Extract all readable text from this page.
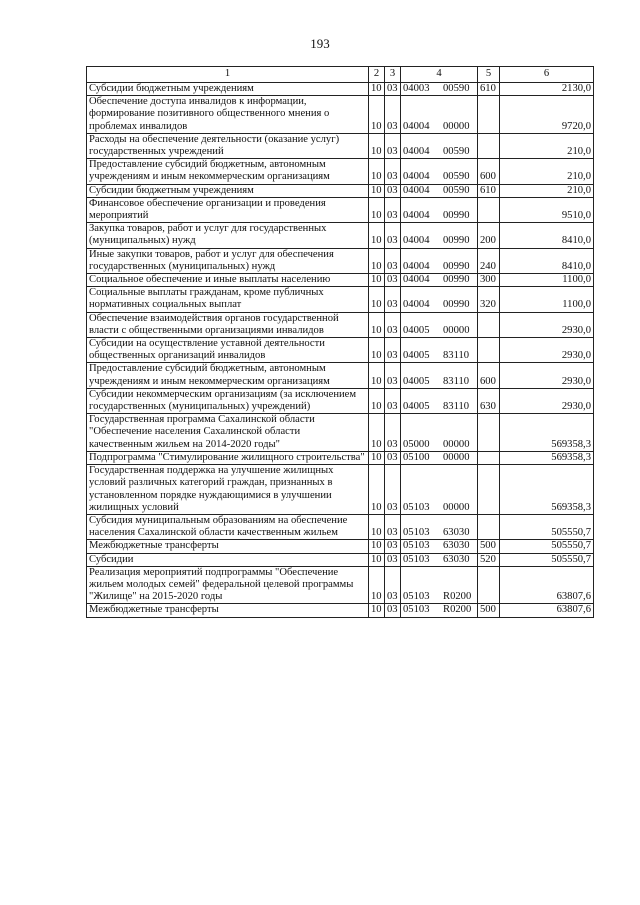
193
1	2	3	4	5	6
Субсидии бюджетным учреждениям	10	03	04003 00590	610	2130,0
Обеспечение доступа инвалидов к информации, формирование позитивного общественного мнения о проблемах инвалидов	10	03	04004 00000		9720,0
Расходы на обеспечение деятельности (оказание услуг) государственных учреждений	10	03	04004 00590		210,0
Предоставление субсидий бюджетным, автономным учреждениям и иным некоммерческим организациям	10	03	04004 00590	600	210,0
Субсидии бюджетным учреждениям	10	03	04004 00590	610	210,0
Финансовое обеспечение организации и проведения мероприятий	10	03	04004 00990		9510,0
Закупка товаров, работ и услуг для государственных (муниципальных) нужд	10	03	04004 00990	200	8410,0
Иные закупки товаров, работ и услуг для обеспечения государственных (муниципальных) нужд	10	03	04004 00990	240	8410,0
Социальное обеспечение и иные выплаты населению	10	03	04004 00990	300	1100,0
Социальные выплаты гражданам, кроме публичных нормативных социальных выплат	10	03	04004 00990	320	1100,0
Обеспечение взаимодействия органов государственной власти с общественными организациями инвалидов	10	03	04005 00000		2930,0
Субсидии на осуществление уставной деятельности общественных организаций инвалидов	10	03	04005 83110		2930,0
Предоставление субсидий бюджетным, автономным учреждениям и иным некоммерческим организациям	10	03	04005 83110	600	2930,0
Субсидии некоммерческим организациям (за исключением государственных (муниципальных) учреждений)	10	03	04005 83110	630	2930,0
Государственная программа Сахалинской области "Обеспечение населения Сахалинской области качественным жильем на 2014-2020 годы"	10	03	05000 00000		569358,3
Подпрограмма "Стимулирование жилищного строительства"	10	03	05100 00000		569358,3
Государственная поддержка на улучшение жилищных условий различных категорий граждан, признанных в установленном порядке нуждающимися в улучшении жилищных условий	10	03	05103 00000		569358,3
Субсидия муниципальным образованиям на обеспечение населения Сахалинской области качественным жильем	10	03	05103 63030		505550,7
Межбюджетные трансферты	10	03	05103 63030	500	505550,7
Субсидии	10	03	05103 63030	520	505550,7
Реализация мероприятий подпрограммы "Обеспечение жильем молодых семей" федеральной целевой программы "Жилище" на 2015-2020 годы	10	03	05103 R0200		63807,6
Межбюджетные трансферты	10	03	05103 R0200	500	63807,6
